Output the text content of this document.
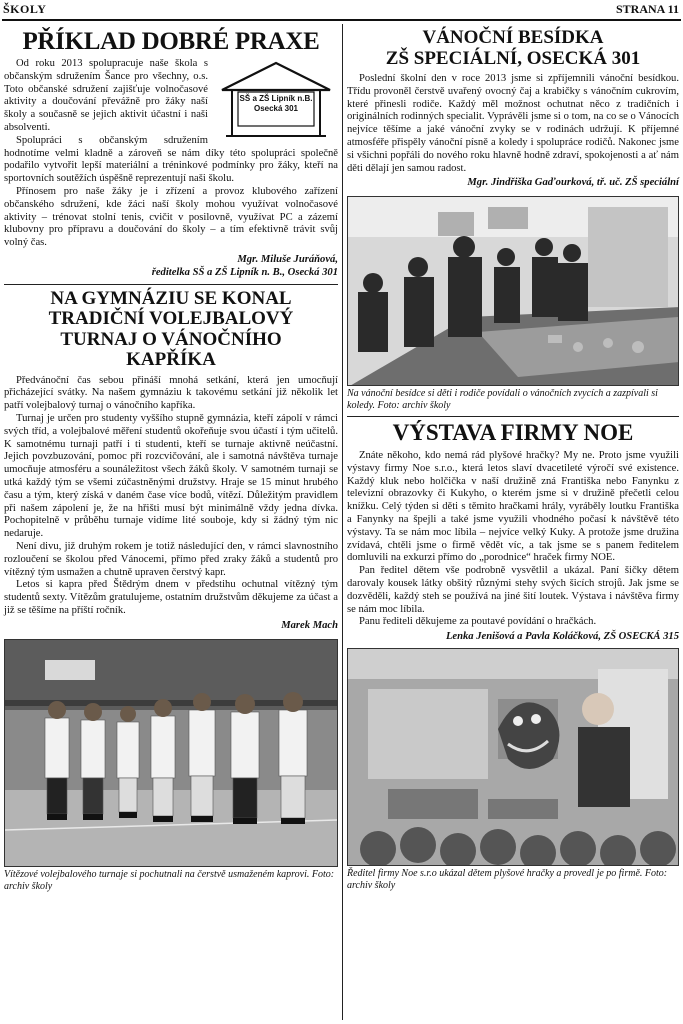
ŠKOLY	STRANA 11
PŘÍKLAD DOBRÉ PRAXE
SŠ a ZŠ Lipník n.B. Osecká 301

Od roku 2013 spolupracuje naše škola s občanským sdružením Šance pro všechny, o.s. Toto občanské sdružení zajišťuje volnočasové aktivity a doučování převážně pro žáky naší školy a současně se jejich aktivit účastní i naši absolventi.

Spolupráci s občanským sdružením hodnotíme velmi kladně a zároveň se nám díky této spolupráci společně podařilo vytvořit lepší materiální a tréninkové podmínky pro žáky, kteří na sportovních soutěžích úspěšně reprezentují naši školu.

Přínosem pro naše žáky je i zřízení a provoz klubového zařízení občanského sdružení, kde žáci naší školy mohou využívat volnočasové aktivity – trénovat stolní tenis, cvičit v posilovně, využívat PC a zázemí klubovny pro přípravu a doučování do školy – a tím efektivně trávit svůj volný čas.

Mgr. Miluše Juráňová,
ředitelka SŠ a ZŠ Lipník n. B., Osecká 301
NA GYMNÁZIU SE KONAL TRADIČNÍ VOLEJBALOVÝ TURNAJ O VÁNOČNÍHO KAPŘÍKA

Předvánoční čas sebou přináší mnohá setkání, která jen umocňují přicházející svátky. Na našem gymnáziu k takovému setkání již několik let patří volejbalový turnaj o vánočního kapříka.

Turnaj je určen pro studenty vyššího stupně gymnázia, kteří zápolí v rámci svých tříd, a volejbalové měření studentů okořeňuje svou účastí i tým učitelů. K samotnému turnaji patří i ti studenti, kteří se turnaje aktivně neúčastní. Jejich povzbuzování, pomoc při rozcvičování, ale i samotná návštěva turnaje umocňuje atmosféru a sounáležitost všech žáků školy. V samotném turnaji se utká každý tým se všemi zúčastněnými družstvy. Hraje se 15 minut hrubého času a tým, který získá v daném čase více bodů, vítězí. Důležitým pravidlem při našem zápolení je, že na hřišti musí být minimálně vždy jedna dívka. Pochopitelně v průběhu turnaje vidíme lité souboje, kdy si žádný tým nic nedaruje.

Není divu, již druhým rokem je totiž následující den, v rámci slavnostního rozloučení se školou před Vánocemi, přímo před zraky žáků a studentů pro vítězný tým usmažen a chutně upraven čerstvý kapr.

Letos si kapra před Štědrým dnem v předstihu ochutnal vítězný tým studentů sexty. Vítězům gratulujeme, ostatním družstvům děkujeme za účast a již se těšíme na příští ročník.

Marek Mach
Vítězové volejbalového turnaje si pochutnali na čerstvě usmaženém kaprovi. Foto: archiv školy
VÁNOČNÍ BESÍDKA
ZŠ SPECIÁLNÍ, OSECKÁ 301

Poslední školní den v roce 2013 jsme si zpříjemnili vánoční besídkou. Třídu provoněl čerstvě uvařený ovocný čaj a krabičky s vánočním cukrovím, které přinesli rodiče. Každý měl možnost ochutnat něco z tradičních i originálních rodinných specialit. Vyprávěli jsme si o tom, na co se o Vánocích nejvíce těšíme a jaké vánoční zvyky se v rodinách udržují. K příjemné atmosféře přispěly vánoční písně a koledy i spolupráce rodičů. Nakonec jsme si všichni popřáli do nového roku hlavně hodně zdraví, spokojenosti a ať nám děti dělají jen samou radost.

Mgr. Jindřiška Gaďourková, tř. uč. ZŠ speciální
Na vánoční besídce si děti i rodiče povídali o vánočních zvycích a zazpívali si koledy. Foto: archiv školy
VÝSTAVA FIRMY NOE

Znáte někoho, kdo nemá rád plyšové hračky? My ne. Proto jsme využili výstavy firmy Noe s.r.o., která letos slaví dvacetileté výročí své existence. Každý kluk nebo holčička v naší družině zná Františka nebo Fanynku z televizní obrazovky či Kukyho, o kterém jsme si v družině přečetli celou knížku. Celý týden si děti s těmito hračkami hrály, vyráběly loutku Františka a Fanynky na špejli a také jsme využili vhodného počasí k návštěvě této výstavy. Ta se nám moc líbila – nejvíce velký Kuky. A protože jsme družina zvídavá, chtěli jsme o firmě vědět víc, a tak jsme se s panem ředitelem domluvili na exkurzi přímo do „porodnice“ hraček firmy NOE.

Pan ředitel dětem vše podrobně vysvětlil a ukázal. Paní šičky dětem darovaly kousek látky obšitý různými stehy svých šicích strojů. Jak jsme se dozvěděli, každý steh se používá na jiné šití loutek. Výstava i návštěva firmy se nám moc líbila.

Panu řediteli děkujeme za poutavé povídání o hračkách.

Lenka Jenišová a Pavla Koláčková, ZŠ OSECKÁ 315
Ředitel firmy Noe s.r.o ukázal dětem plyšové hračky a provedl je po firmě. Foto: archiv školy
